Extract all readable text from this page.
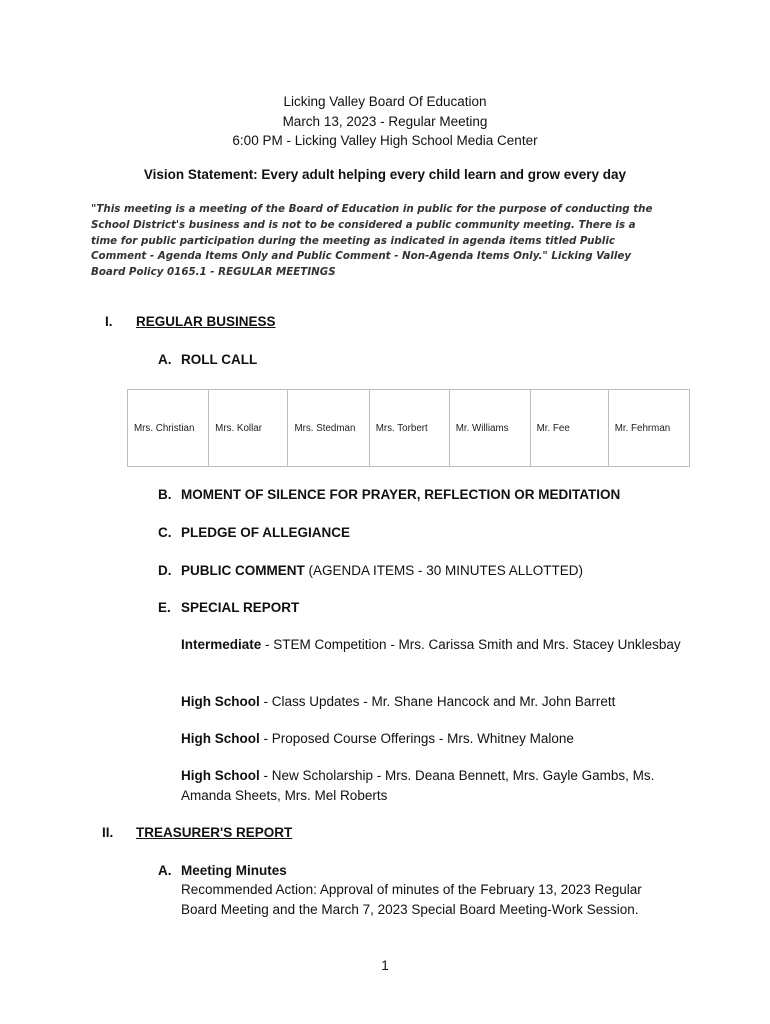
Licking Valley Board Of Education
March 13, 2023 - Regular Meeting
6:00 PM - Licking Valley High School Media Center
Vision Statement: Every adult helping every child learn and grow every day
"This meeting is a meeting of the Board of Education in public for the purpose of conducting the
School District's business and is not to be considered a public community meeting. There is a
time for public participation during the meeting as indicated in agenda items titled Public
Comment - Agenda Items Only and Public Comment - Non-Agenda Items Only." Licking Valley
Board Policy 0165.1 - REGULAR MEETINGS
I. REGULAR BUSINESS
A. ROLL CALL
Mrs. Christian	Mrs. Kollar	Mrs. Stedman	Mrs. Torbert	Mr. Williams	Mr. Fee	Mr. Fehrman
B. MOMENT OF SILENCE FOR PRAYER, REFLECTION OR MEDITATION
C. PLEDGE OF ALLEGIANCE
D. PUBLIC COMMENT (AGENDA ITEMS - 30 MINUTES ALLOTTED)
E. SPECIAL REPORT
Intermediate - STEM Competition - Mrs. Carissa Smith and Mrs. Stacey Unklesbay
High School - Class Updates - Mr. Shane Hancock and Mr. John Barrett
High School - Proposed Course Offerings - Mrs. Whitney Malone
High School - New Scholarship - Mrs. Deana Bennett, Mrs. Gayle Gambs, Ms. Amanda Sheets, Mrs. Mel Roberts
II. TREASURER'S REPORT
A. Meeting Minutes
Recommended Action: Approval of minutes of the February 13, 2023 Regular Board Meeting and the March 7, 2023 Special Board Meeting-Work Session.
1
